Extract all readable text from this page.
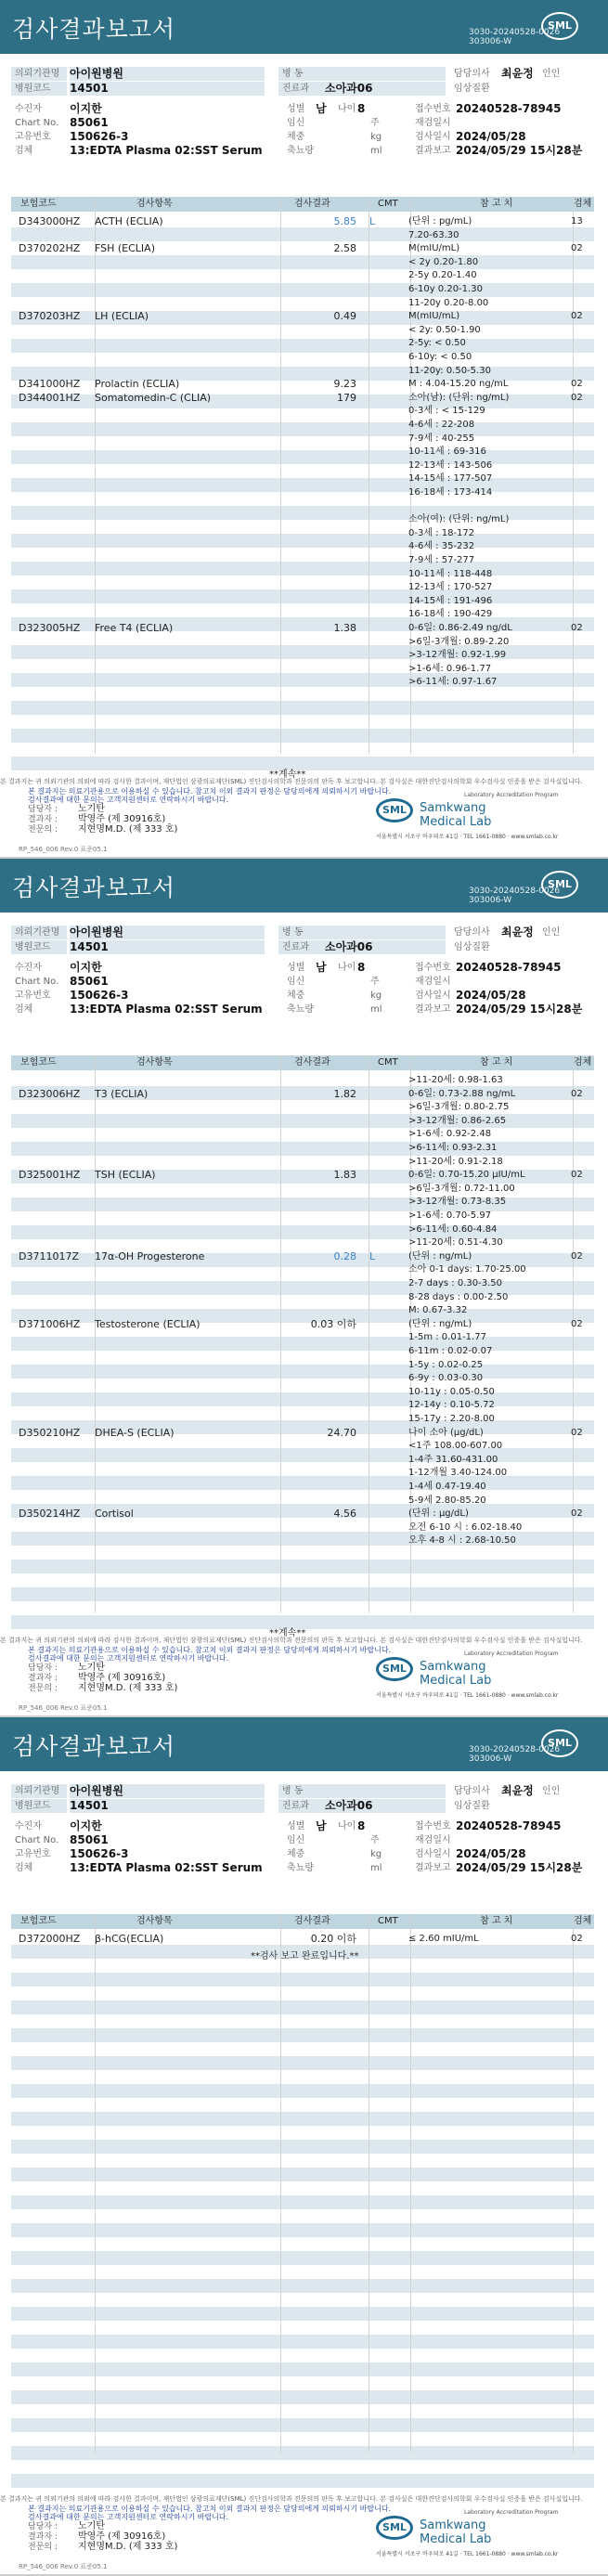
검사결과보고서	3030-20240528-0026
303006-W
SML
의뢰기관명 아이원병원
병원코드	14501
병 동
진료과	소아과06
담당의사	최윤정 인인
임상질환
수진자	이지한
Chart No. 85061
고유번호	150626-3
검체	13:EDTA Plasma 02:SST Serum
성별 남	나이 8
임신	주
체중	kg
축뇨량	ml
접수번호 20240528-78945
재검일시
검사일시 2024/05/28
결과보고 2024/05/29 15시28분
보험코드	검사항목	검사결과	CMT	참 고 치	검체
D343000HZ	ACTH (ECLIA)	5.85 L	13
(단위 : pg/mL)
7.20-63.30
D370202HZ	FSH (ECLIA)	2.58	02
M(mIU/mL)
< 2y 0.20-1.80
2-5y 0.20-1.40
6-10y 0.20-1.30
11-20y 0.20-8.00
D370203HZ	LH (ECLIA)	0.49	02
M(mIU/mL)
< 2y: 0.50-1.90
2-5y: < 0.50
6-10y: < 0.50
11-20y: 0.50-5.30
D341000HZ	Prolactin (ECLIA)	9.23	02
M : 4.04-15.20 ng/mL
D344001HZ	Somatomedin-C (CLIA)	179	02
소아(남): (단위: ng/mL)
0-3세 : < 15-129
4-6세 : 22-208
7-9세 : 40-255
10-11세 : 69-316
12-13세 : 143-506
14-15세 : 177-507
16-18세 : 173-414
소아(여): (단위: ng/mL)
0-3세 : 18-172
4-6세 : 35-232
7-9세 : 57-277
10-11세 : 118-448
12-13세 : 170-527
14-15세 : 191-496
16-18세 : 190-429
D323005HZ	Free T4 (ECLIA)	1.38	02
0-6일: 0.86-2.49 ng/dL
>6일-3개월: 0.89-2.20
>3-12개월: 0.92-1.99
>1-6세: 0.96-1.77
>6-11세: 0.97-1.67
**계속**
본 결과지는 귀 의뢰기관의 의뢰에 따라 검사한 결과이며, 재단법인 삼광의료재단(SML) 진단검사의학과 전문의의 판독 후 보고합니다. 본 검사실은 대한진단검사의학회 우수검사실 인증을 받은 검사실입니다.
본 결과지는 의료기관용으로 이용하실 수 있습니다. 참고치 이외 결과지 판정은 담당의에게 의뢰하시기 바랍니다.
검사결과에 대한 문의는 고객지원센터로 연락하시기 바랍니다.
담당자 : 노기탄
결과자 : 박영주 (제 30916호)
전문의 : 지현명M.D. (제 333 호)
SML	Samkwang Medical Lab
서울특별시 서초구 바우뫼로 41길 · TEL 1661-0880 · www.smlab.co.kr
Laboratory Accreditation Program
RP_546_006 Rev.0 표준05.1
검사결과보고서	3030-20240528-0026
303006-W
SML
의뢰기관명 아이원병원
병원코드	14501
병 동
진료과	소아과06
담당의사	최윤정 인인
임상질환
수진자	이지한
Chart No. 85061
고유번호	150626-3
검체	13:EDTA Plasma 02:SST Serum
성별 남	나이 8
임신	주
체중	kg
축뇨량	ml
접수번호 20240528-78945
재검일시
검사일시 2024/05/28
결과보고 2024/05/29 15시28분
보험코드	검사항목	검사결과	CMT	참 고 치	검체
>11-20세: 0.98-1.63
D323006HZ	T3 (ECLIA)	1.82	02
0-6일: 0.73-2.88 ng/mL
>6일-3개월: 0.80-2.75
>3-12개월: 0.86-2.65
>1-6세: 0.92-2.48
>6-11세: 0.93-2.31
>11-20세: 0.91-2.18
D325001HZ	TSH (ECLIA)	1.83	02
0-6일: 0.70-15.20 μIU/mL
>6일-3개월: 0.72-11.00
>3-12개월: 0.73-8.35
>1-6세: 0.70-5.97
>6-11세: 0.60-4.84
>11-20세: 0.51-4.30
D3711017Z	17α-OH Progesterone	0.28 L	02
(단위 : ng/mL)
소아 0-1 days: 1.70-25.00
2-7 days : 0.30-3.50
8-28 days : 0.00-2.50
M: 0.67-3.32
D371006HZ	Testosterone (ECLIA)	0.03 이하	02
(단위 : ng/mL)
1-5m : 0.01-1.77
6-11m : 0.02-0.07
1-5y : 0.02-0.25
6-9y : 0.03-0.30
10-11y : 0.05-0.50
12-14y : 0.10-5.72
15-17y : 2.20-8.00
D350210HZ	DHEA-S (ECLIA)	24.70	02
나이 소아 (μg/dL)
<1주 108.00-607.00
1-4주 31.60-431.00
1-12개월 3.40-124.00
1-4세 0.47-19.40
5-9세 2.80-85.20
D350214HZ	Cortisol	4.56	02
(단위 : μg/dL)
오전 6-10 시 : 6.02-18.40
오후 4-8 시 : 2.68-10.50
**계속**
본 결과지는 귀 의뢰기관의 의뢰에 따라 검사한 결과이며, 재단법인 삼광의료재단(SML) 진단검사의학과 전문의의 판독 후 보고합니다. 본 검사실은 대한진단검사의학회 우수검사실 인증을 받은 검사실입니다.
본 결과지는 의료기관용으로 이용하실 수 있습니다. 참고치 이외 결과지 판정은 담당의에게 의뢰하시기 바랍니다.
검사결과에 대한 문의는 고객지원센터로 연락하시기 바랍니다.
담당자 : 노기탄
결과자 : 박영주 (제 30916호)
전문의 : 지현명M.D. (제 333 호)
SML	Samkwang Medical Lab
서울특별시 서초구 바우뫼로 41길 · TEL 1661-0880 · www.smlab.co.kr
Laboratory Accreditation Program
RP_546_006 Rev.0 표준05.1
검사결과보고서	3030-20240528-0026
303006-W
SML
의뢰기관명 아이원병원
병원코드	14501
병 동
진료과	소아과06
담당의사	최윤정 인인
임상질환
수진자	이지한
Chart No. 85061
고유번호	150626-3
검체	13:EDTA Plasma 02:SST Serum
성별 남	나이 8
임신	주
체중	kg
축뇨량	ml
접수번호 20240528-78945
재검일시
검사일시 2024/05/28
결과보고 2024/05/29 15시28분
보험코드	검사항목	검사결과	CMT	참 고 치	검체
D372000HZ	β-hCG(ECLIA)	0.20 이하	02
≤ 2.60 mIU/mL
**검사 보고 완료입니다.**
본 결과지는 귀 의뢰기관의 의뢰에 따라 검사한 결과이며, 재단법인 삼광의료재단(SML) 진단검사의학과 전문의의 판독 후 보고합니다. 본 검사실은 대한진단검사의학회 우수검사실 인증을 받은 검사실입니다.
본 결과지는 의료기관용으로 이용하실 수 있습니다. 참고치 이외 결과지 판정은 담당의에게 의뢰하시기 바랍니다.
검사결과에 대한 문의는 고객지원센터로 연락하시기 바랍니다.
담당자 : 노기탄
결과자 : 박영주 (제 30916호)
전문의 : 지현명M.D. (제 333 호)
SML	Samkwang Medical Lab
서울특별시 서초구 바우뫼로 41길 · TEL 1661-0880 · www.smlab.co.kr
Laboratory Accreditation Program
RP_546_006 Rev.0 표준05.1
